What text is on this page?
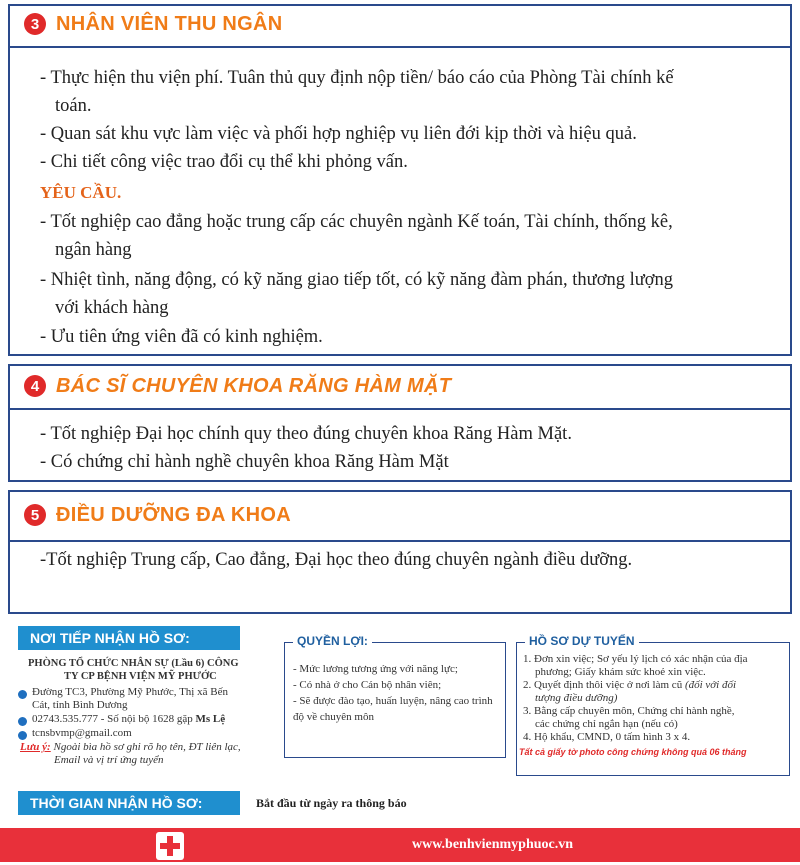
3 NHÂN VIÊN THU NGÂN
- Thực hiện thu viện phí. Tuân thủ quy định nộp tiền/ báo cáo của Phòng Tài chính kế
toán.
- Quan sát khu vực làm việc và phối hợp nghiệp vụ liên đới kịp thời và hiệu quả.
- Chi tiết công việc trao đổi cụ thể khi phỏng vấn.
YÊU CẦU.
- Tốt nghiệp cao đẳng hoặc trung cấp các chuyên ngành Kế toán, Tài chính, thống kê,
ngân hàng
- Nhiệt tình, năng động, có kỹ năng giao tiếp tốt, có kỹ năng đàm phán, thương lượng
với khách hàng
- Ưu tiên ứng viên đã có kinh nghiệm.
4 BÁC SĨ CHUYÊN KHOA RĂNG HÀM MẶT
- Tốt nghiệp Đại học chính quy theo đúng chuyên khoa Răng Hàm Mặt.
- Có chứng chỉ hành nghề chuyên khoa Răng Hàm Mặt
5 ĐIỀU DƯỠNG ĐA KHOA
-Tốt nghiệp Trung cấp, Cao đẳng, Đại học theo đúng chuyên ngành điều dưỡng.
NƠI TIẾP NHẬN HỒ SƠ:
PHÒNG TỔ CHỨC NHÂN SỰ (Lầu 6) CÔNG
TY CP BỆNH VIỆN MỸ PHƯỚC
Đường TC3, Phường Mỹ Phước, Thị xã Bến
Cát, tỉnh Bình Dương
02743.535.777 - Số nội bộ 1628 gặp Ms Lệ
tcnsbvmp@gmail.com
Lưu ý: Ngoài bìa hồ sơ ghi rõ họ tên, ĐT liên lạc,
Email và vị trí ứng tuyển
QUYỀN LỢI:
- Mức lương tương ứng với năng lực;
- Có nhà ở cho Cán bộ nhân viên;
- Sẽ được đào tạo, huấn luyện, nâng cao trình
độ về chuyên môn
HỒ SƠ DỰ TUYỂN
1. Đơn xin việc; Sơ yếu lý lịch có xác nhận của địa
phương; Giấy khám sức khoẻ xin việc.
2. Quyết định thôi việc ở nơi làm cũ (đối với đối
tượng điều dưỡng)
3. Bằng cấp chuyên môn, Chứng chỉ hành nghề,
các chứng chỉ ngắn hạn (nếu có)
4. Hộ khẩu, CMND, 0 tấm hình 3 x 4.
Tất cả giấy tờ photo công chứng không quá 06 tháng
THỜI GIAN NHẬN HỒ SƠ:	Bắt đầu từ ngày ra thông báo
www.benhvienmyphuoc.vn
